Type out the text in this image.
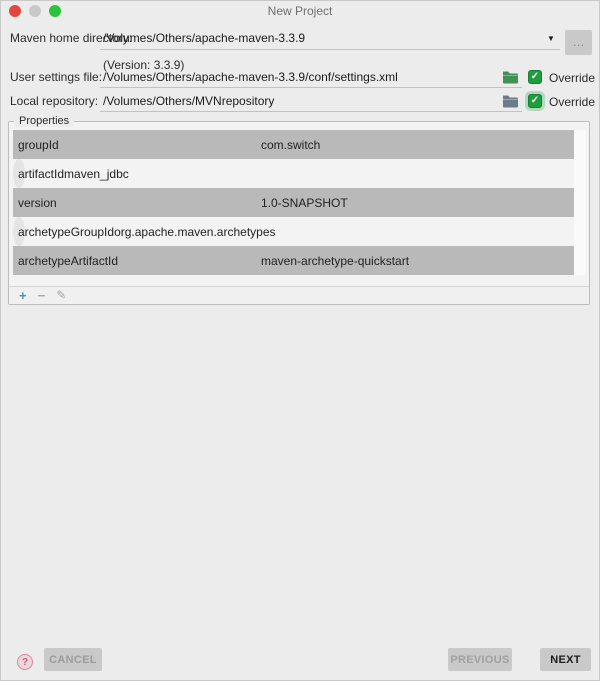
New Project
Maven home directory:
/Volumes/Others/apache-maven-3.3.9	▼	…
(Version: 3.3.9)
User settings file: /Volumes/Others/apache-maven-3.3.9/conf/settings.xml	✓ Override
Local repository: /Volumes/Others/MVNrepository	✓ Override
groupId	com.switch
artifactId maven_jdbc
version	1.0-SNAPSHOT
archetypeGroupId org.apache.maven.archetypes
archetypeArtifactId	maven-archetype-quickstart
+ − ✎
Properties
?	CANCEL	PREVIOUS	NEXT
